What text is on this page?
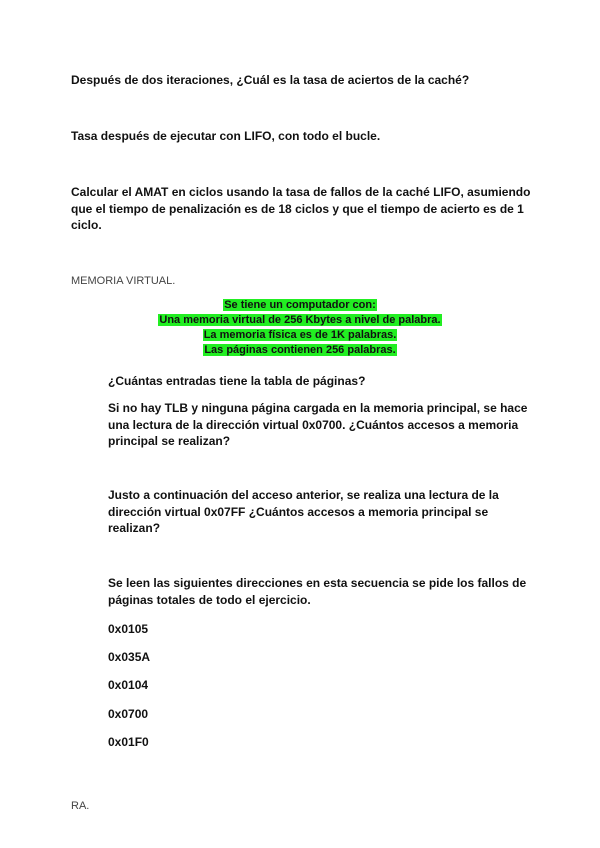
Después de dos iteraciones, ¿Cuál es la tasa de aciertos de la caché?

Tasa después de ejecutar con LIFO, con todo el bucle.

Calcular el AMAT en ciclos usando la tasa de fallos de la caché LIFO, asumiendo que el tiempo de penalización es de 18 ciclos y que el tiempo de acierto es de 1 ciclo.

MEMORIA VIRTUAL.

Se tiene un computador con:
Una memoria virtual de 256 Kbytes a nivel de palabra.
La memoria física es de 1K palabras.
Las páginas contienen 256 palabras.

¿Cuántas entradas tiene la tabla de páginas?

Si no hay TLB y ninguna página cargada en la memoria principal, se hace una lectura de la dirección virtual 0x0700. ¿Cuántos accesos a memoria principal se realizan?

Justo a continuación del acceso anterior, se realiza una lectura de la dirección virtual 0x07FF ¿Cuántos accesos a memoria principal se realizan?

Se leen las siguientes direcciones en esta secuencia se pide los fallos de páginas totales de todo el ejercicio.

0x0105

0x035A

0x0104

0x0700

0x01F0

RA.
